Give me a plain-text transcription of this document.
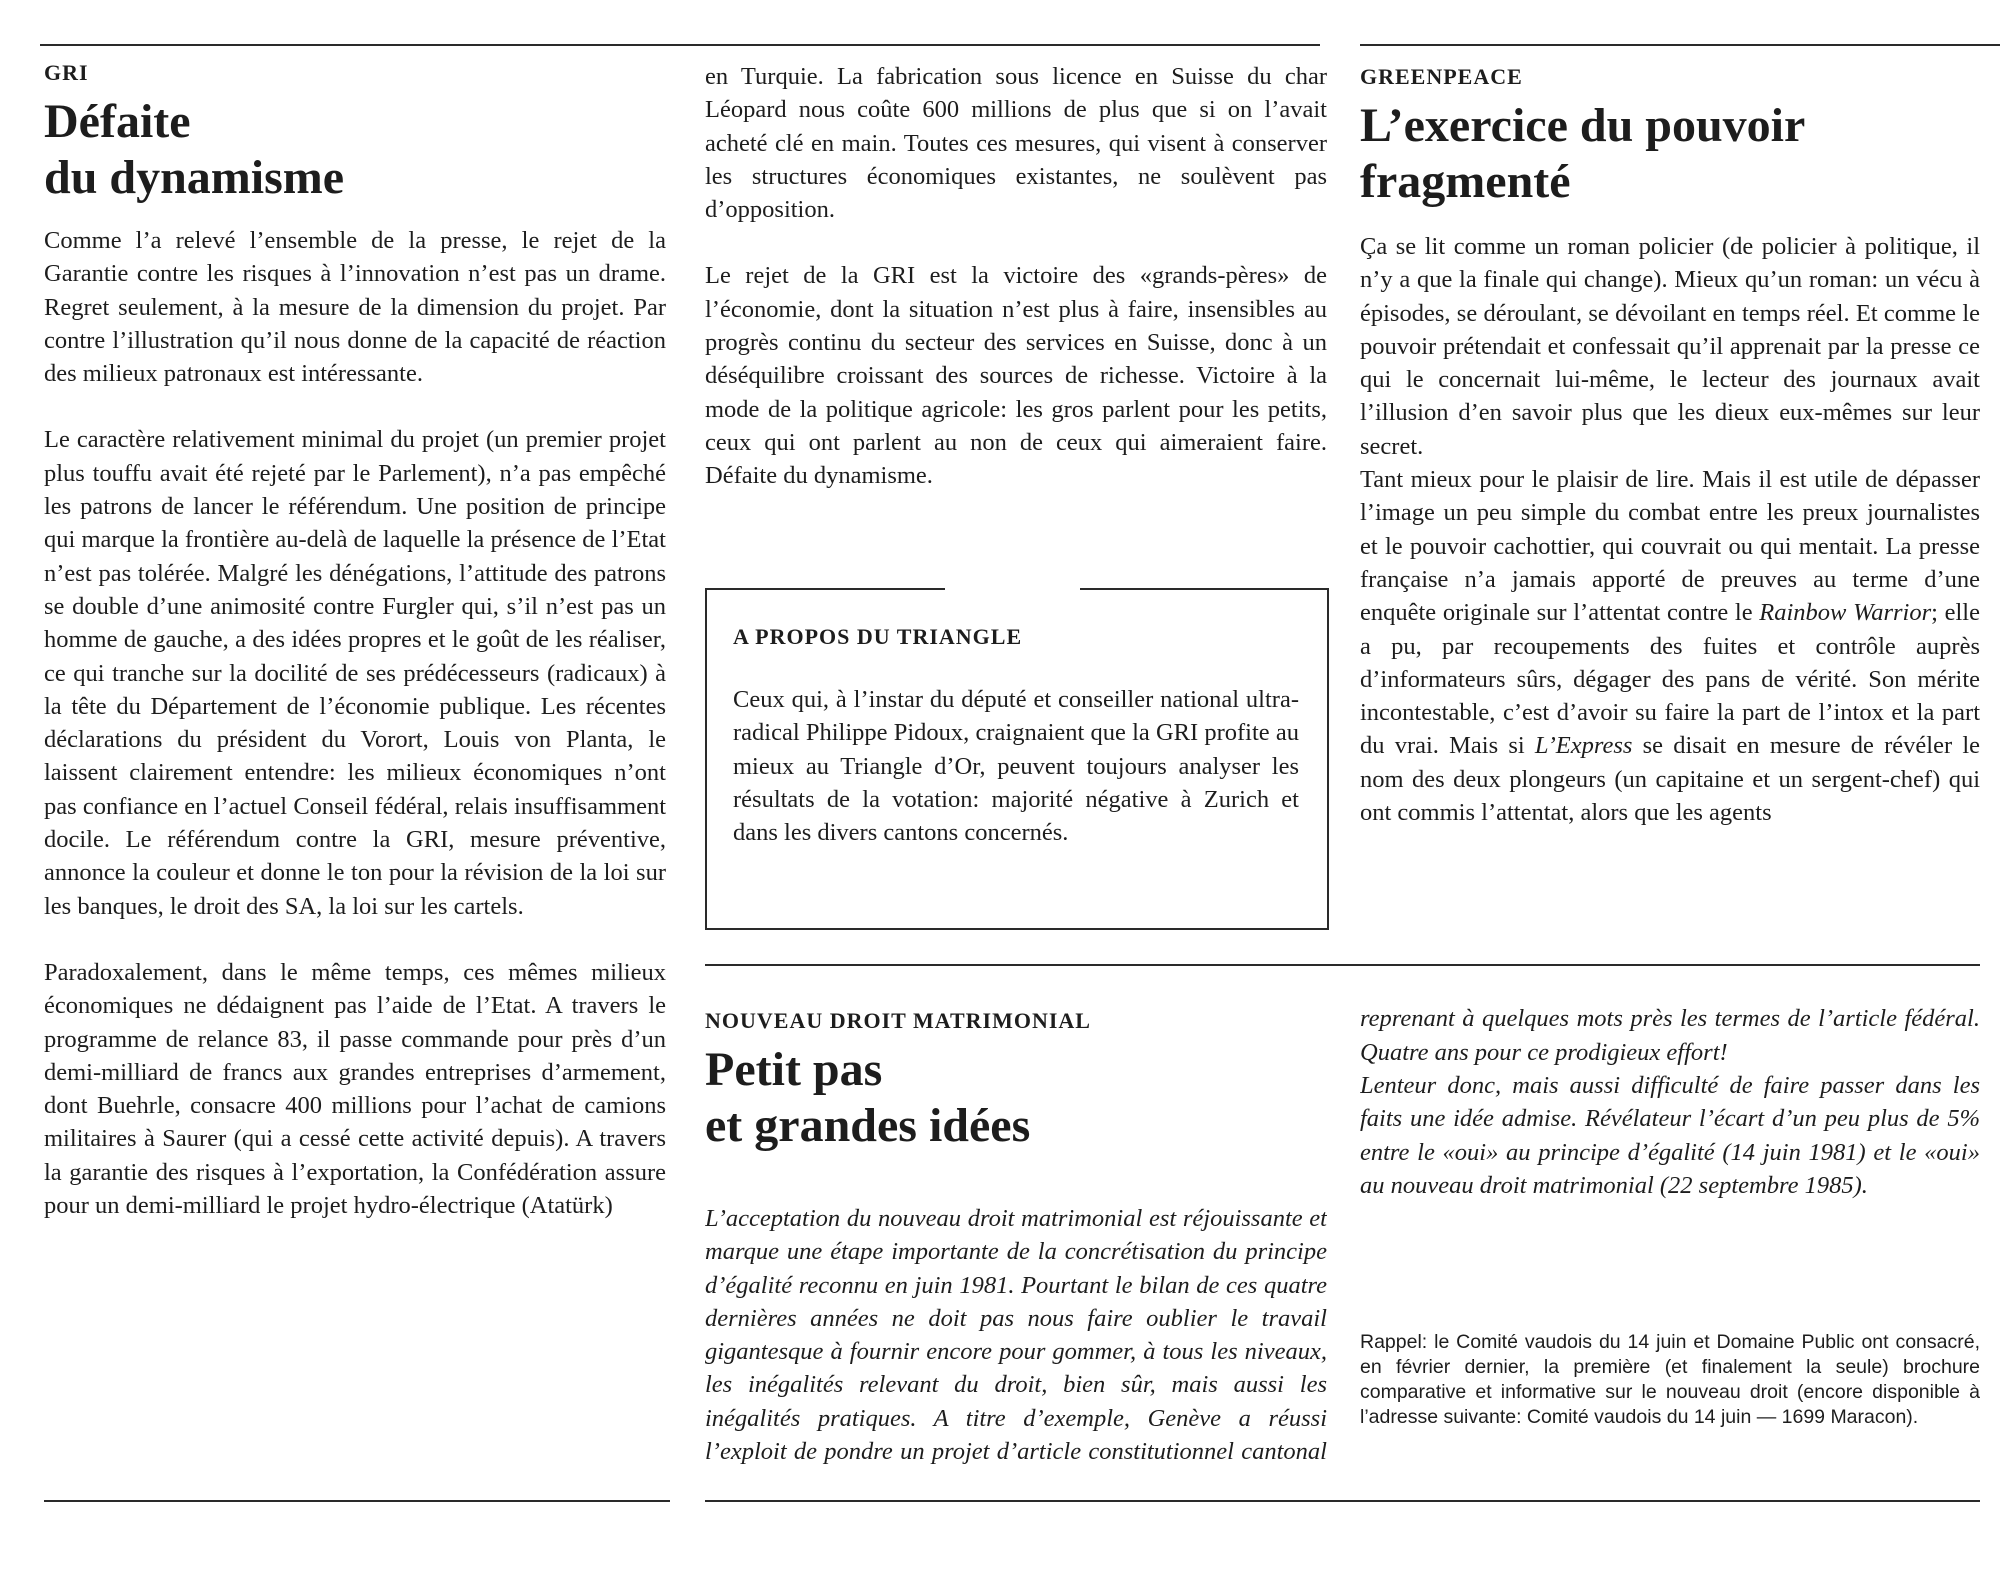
GRI

Défaite

du dynamisme

Comme l’a relevé l’ensemble de la presse, le rejet de la Garantie contre les risques à l’innovation n’est pas un drame. Regret seulement, à la mesure de la dimension du projet. Par contre l’illustration qu’il nous donne de la capacité de réaction des milieux patronaux est intéressante.

Le caractère relativement minimal du projet (un premier projet plus touffu avait été rejeté par le Parlement), n’a pas empêché les patrons de lancer le référendum. Une position de principe qui marque la frontière au-delà de laquelle la présence de l’Etat n’est pas tolérée. Malgré les dénégations, l’attitude des patrons se double d’une animosité contre Furgler qui, s’il n’est pas un homme de gauche, a des idées propres et le goût de les réaliser, ce qui tranche sur la docilité de ses prédécesseurs (radicaux) à la tête du Département de l’économie publique. Les récentes déclarations du président du Vorort, Louis von Planta, le laissent clairement entendre: les milieux économiques n’ont pas confiance en l’actuel Conseil fédéral, relais insuffisamment docile. Le référendum contre la GRI, mesure préventive, annonce la couleur et donne le ton pour la révision de la loi sur les banques, le droit des SA, la loi sur les cartels.

Paradoxalement, dans le même temps, ces mêmes milieux économiques ne dédaignent pas l’aide de l’Etat. A travers le programme de relance 83, il passe commande pour près d’un demi-milliard de francs aux grandes entreprises d’armement, dont Buehrle, consacre 400 millions pour l’achat de camions militaires à Saurer (qui a cessé cette activité depuis). A travers la garantie des risques à l’exportation, la Confédération assure pour un demi-milliard le projet hydro-électrique (Atatürk)

en Turquie. La fabrication sous licence en Suisse du char Léopard nous coûte 600 millions de plus que si on l’avait acheté clé en main. Toutes ces mesures, qui visent à conserver les structures économiques existantes, ne soulèvent pas d’opposition.

Le rejet de la GRI est la victoire des «grands-pères» de l’économie, dont la situation n’est plus à faire, insensibles au progrès continu du secteur des services en Suisse, donc à un déséquilibre croissant des sources de richesse. Victoire à la mode de la politique agricole: les gros parlent pour les petits, ceux qui ont parlent au non de ceux qui aimeraient faire. Défaite du dynamisme.

A PROPOS DU TRIANGLE

Ceux qui, à l’instar du député et conseiller national ultra-radical Philippe Pidoux, craignaient que la GRI profite au mieux au Triangle d’Or, peuvent toujours analyser les résultats de la votation: majorité négative à Zurich et dans les divers cantons concernés.

GREENPEACE

L’exercice du pouvoir

fragmenté

Ça se lit comme un roman policier (de policier à politique, il n’y a que la finale qui change). Mieux qu’un roman: un vécu à épisodes, se déroulant, se dévoilant en temps réel. Et comme le pouvoir prétendait et confessait qu’il apprenait par la presse ce qui le concernait lui-même, le lecteur des journaux avait l’illusion d’en savoir plus que les dieux eux-mêmes sur leur secret.

Tant mieux pour le plaisir de lire. Mais il est utile de dépasser l’image un peu simple du combat entre les preux journalistes et le pouvoir cachottier, qui couvrait ou qui mentait. La presse française n’a jamais apporté de preuves au terme d’une enquête originale sur l’attentat contre le Rainbow Warrior; elle a pu, par recoupements des fuites et contrôle auprès d’informateurs sûrs, dégager des pans de vérité. Son mérite incontestable, c’est d’avoir su faire la part de l’intox et la part du vrai. Mais si L’Express se disait en mesure de révéler le nom des deux plongeurs (un capitaine et un sergent-chef) qui ont commis l’attentat, alors que les agents

NOUVEAU DROIT MATRIMONIAL

Petit pas

et grandes idées

L’acceptation du nouveau droit matrimonial est réjouissante et marque une étape importante de la concrétisation du principe d’égalité reconnu en juin 1981. Pourtant le bilan de ces quatre dernières années ne doit pas nous faire oublier le travail gigantesque à fournir encore pour gommer, à tous les niveaux, les inégalités relevant du droit, bien sûr, mais aussi les inégalités pratiques. A titre d’exemple, Genève a réussi l’exploit de pondre un projet d’article constitutionnel cantonal

reprenant à quelques mots près les termes de l’article fédéral. Quatre ans pour ce prodigieux effort!

Lenteur donc, mais aussi difficulté de faire passer dans les faits une idée admise. Révélateur l’écart d’un peu plus de 5% entre le «oui» au principe d’égalité (14 juin 1981) et le «oui» au nouveau droit matrimonial (22 septembre 1985).

Rappel: le Comité vaudois du 14 juin et Domaine Public ont consacré, en février dernier, la première (et finalement la seule) brochure comparative et informative sur le nouveau droit (encore disponible à l’adresse suivante: Comité vaudois du 14 juin — 1699 Maracon).
